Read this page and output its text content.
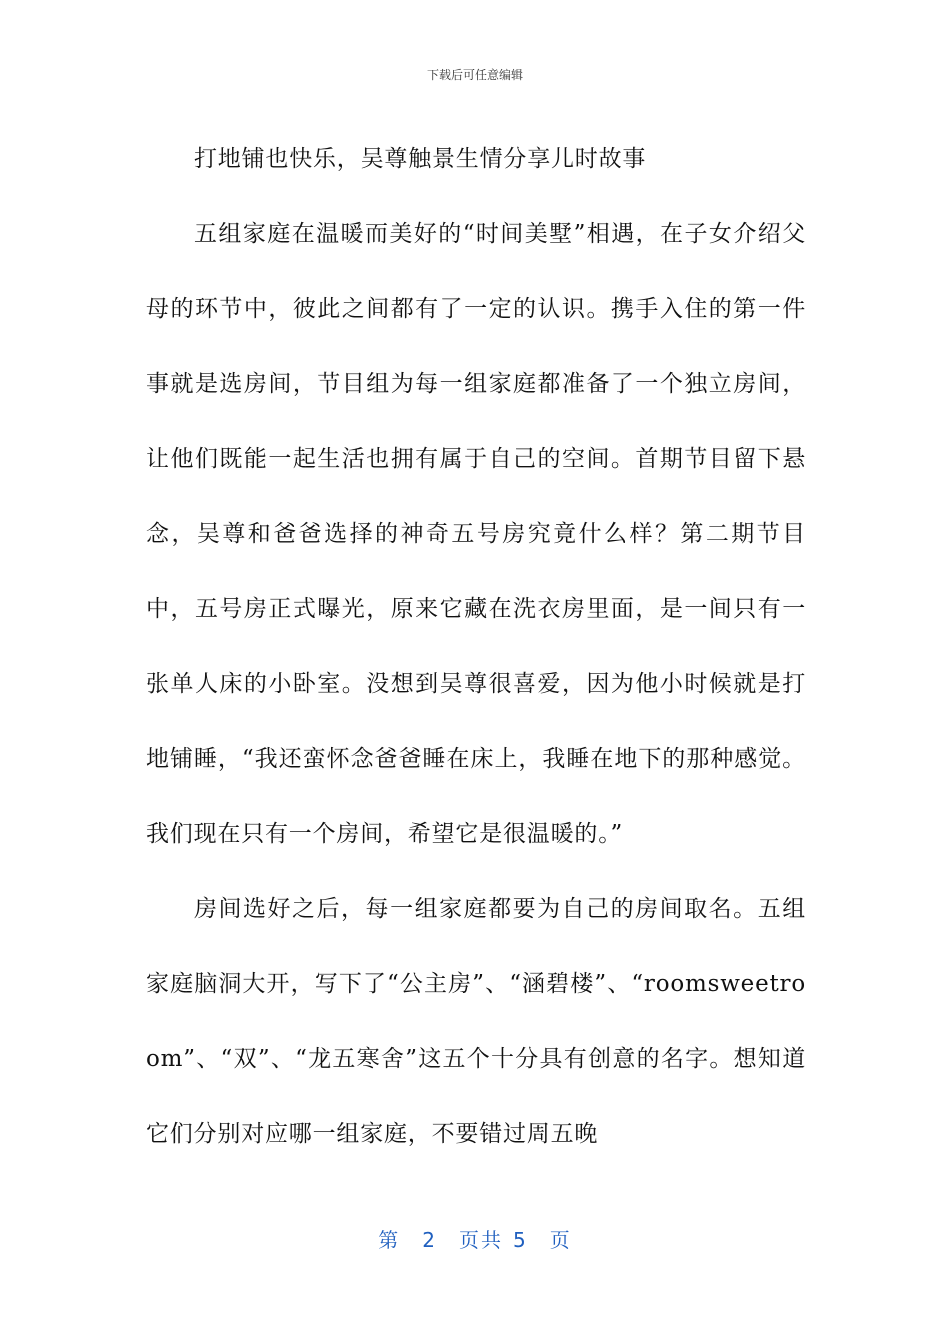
下载后可任意编辑

打地铺也快乐，吴尊触景生情分享儿时故事

五组家庭在温暖而美好的“时间美墅”相遇，在子女介绍父母的环节中，彼此之间都有了一定的认识。携手入住的第一件事就是选房间，节目组为每一组家庭都准备了一个独立房间，让他们既能一起生活也拥有属于自己的空间。首期节目留下悬念，吴尊和爸爸选择的神奇五号房究竟什么样？第二期节目中，五号房正式曝光，原来它藏在洗衣房里面，是一间只有一张单人床的小卧室。没想到吴尊很喜爱，因为他小时候就是打地铺睡，“我还蛮怀念爸爸睡在床上，我睡在地下的那种感觉。我们现在只有一个房间，希望它是很温暖的。”

房间选好之后，每一组家庭都要为自己的房间取名。五组家庭脑洞大开，写下了“公主房”、“涵碧楼”、“roomsweetroom”、“双”、“龙五寒舍”这五个十分具有创意的名字。想知道它们分别对应哪一组家庭，不要错过周五晚

第 2 页共 5 页
